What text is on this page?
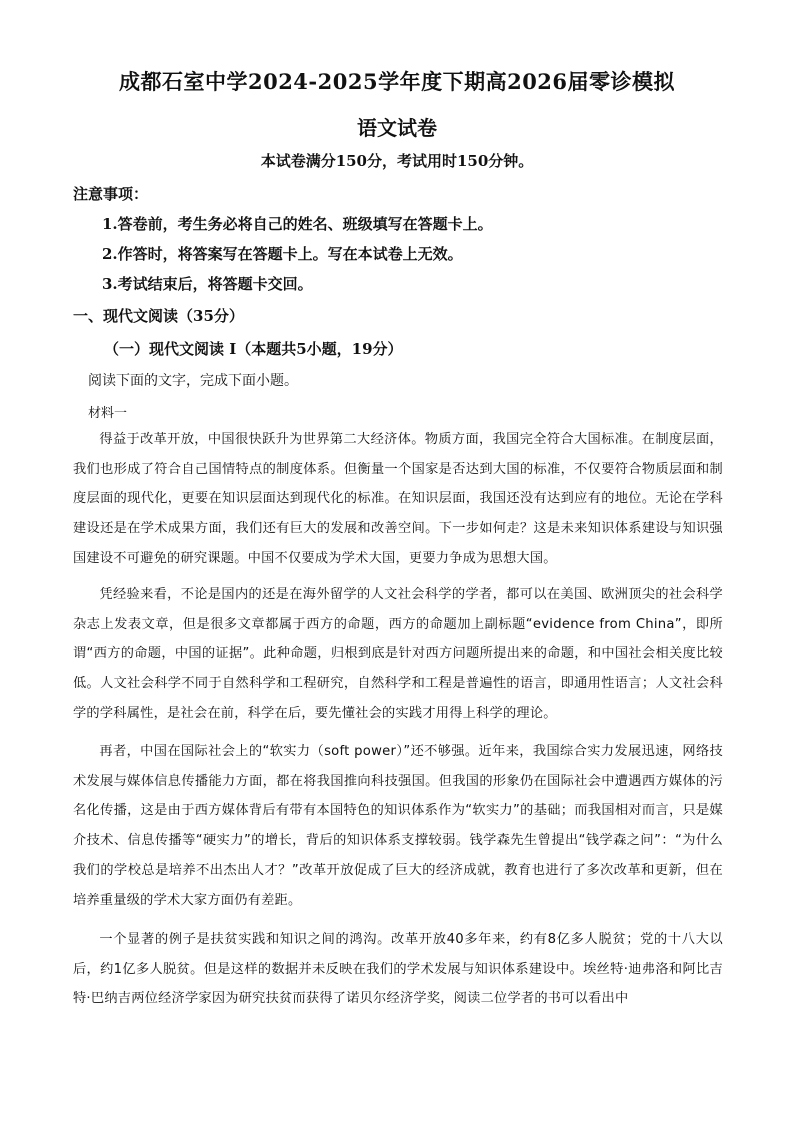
成都石室中学2024-2025学年度下期高2026届零诊模拟
语文试卷
本试卷满分150分，考试用时150分钟。
注意事项：
1.答卷前，考生务必将自己的姓名、班级填写在答题卡上。
2.作答时，将答案写在答题卡上。写在本试卷上无效。
3.考试结束后，将答题卡交回。
一、现代文阅读（35分）
（一）现代文阅读 I（本题共5小题，19分）
阅读下面的文字，完成下面小题。
材料一
得益于改革开放，中国很快跃升为世界第二大经济体。物质方面，我国完全符合大国标准。在制度层面，我们也形成了符合自己国情特点的制度体系。但衡量一个国家是否达到大国的标准，不仅要符合物质层面和制度层面的现代化，更要在知识层面达到现代化的标准。在知识层面，我国还没有达到应有的地位。无论在学科建设还是在学术成果方面，我们还有巨大的发展和改善空间。下一步如何走？这是未来知识体系建设与知识强国建设不可避免的研究课题。中国不仅要成为学术大国，更要力争成为思想大国。
凭经验来看，不论是国内的还是在海外留学的人文社会科学的学者，都可以在美国、欧洲顶尖的社会科学杂志上发表文章，但是很多文章都属于西方的命题，西方的命题加上副标题“evidence from China”，即所谓“西方的命题，中国的证据”。此种命题，归根到底是针对西方问题所提出来的命题，和中国社会相关度比较低。人文社会科学不同于自然科学和工程研究，自然科学和工程是普遍性的语言，即通用性语言；人文社会科学的学科属性，是社会在前，科学在后，要先懂社会的实践才用得上科学的理论。
再者，中国在国际社会上的“软实力（soft power）”还不够强。近年来，我国综合实力发展迅速，网络技术发展与媒体信息传播能力方面，都在将我国推向科技强国。但我国的形象仍在国际社会中遭遇西方媒体的污名化传播，这是由于西方媒体背后有带有本国特色的知识体系作为“软实力”的基础；而我国相对而言，只是媒介技术、信息传播等“硬实力”的增长，背后的知识体系支撑较弱。钱学森先生曾提出“钱学森之问”：“为什么我们的学校总是培养不出杰出人才？”改革开放促成了巨大的经济成就，教育也进行了多次改革和更新，但在培养重量级的学术大家方面仍有差距。
一个显著的例子是扶贫实践和知识之间的鸿沟。改革开放40多年来，约有8亿多人脱贫；党的十八大以后，约1亿多人脱贫。但是这样的数据并未反映在我们的学术发展与知识体系建设中。埃丝特·迪弗洛和阿比吉特·巴纳吉两位经济学家因为研究扶贫而获得了诺贝尔经济学奖，阅读二位学者的书可以看出中
